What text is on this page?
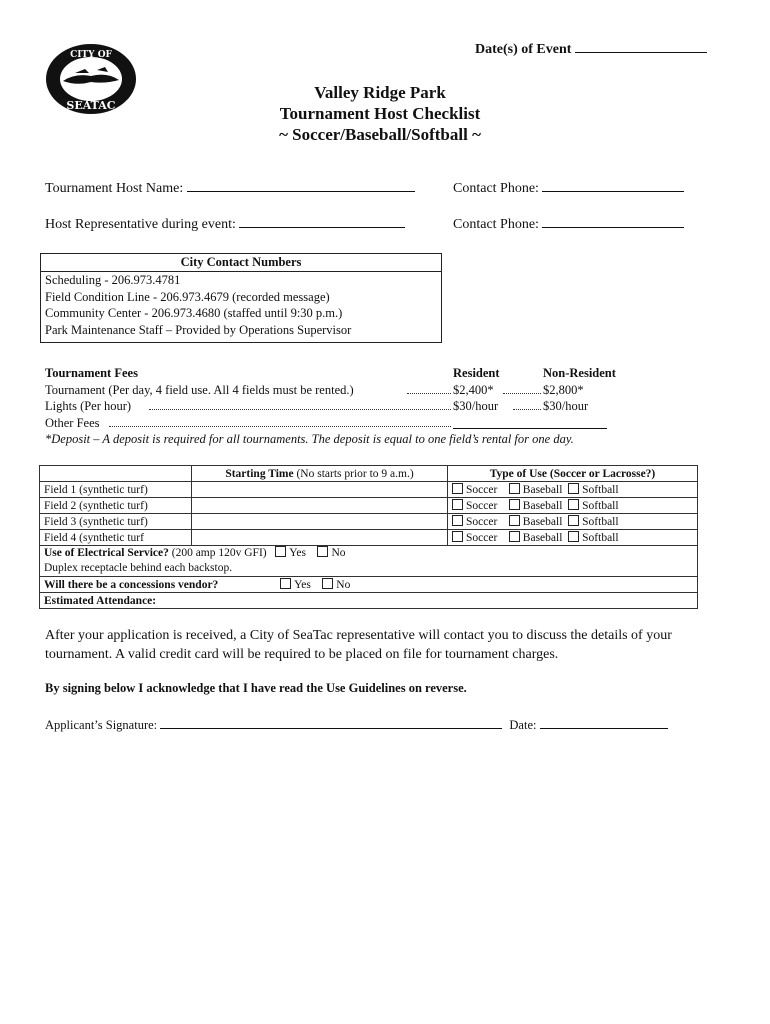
CITY OF
SEATAC
Date(s) of Event
Valley Ridge Park
Tournament Host Checklist
~ Soccer/Baseball/Softball ~
Tournament Host Name:	Contact Phone:
Host Representative during event:	Contact Phone:
City Contact Numbers
Scheduling - 206.973.4781
Field Condition Line - 206.973.4679 (recorded message)
Community Center - 206.973.4680 (staffed until 9:30 p.m.)
Park Maintenance Staff – Provided by Operations Supervisor
Tournament Fees	Resident	Non-Resident
Tournament (Per day, 4 field use. All 4 fields must be rented.)	$2,400*	$2,800*
Lights (Per hour)	$30/hour	$30/hour
Other Fees
*Deposit – A deposit is required for all tournaments. The deposit is equal to one field’s rental for one day.
	Starting Time (No starts prior to 9 a.m.)	Type of Use (Soccer or Lacrosse?)
Field 1 (synthetic turf)		Soccer Baseball Softball
Field 2 (synthetic turf)		Soccer Baseball Softball
Field 3 (synthetic turf)		Soccer Baseball Softball
Field 4 (synthetic turf		Soccer Baseball Softball

Use of Electrical Service? (200 amp 120v GFI) Yes No
Duplex receptacle behind each backstop.		

Will there be a concessions vendor? Yes No		
Estimated Attendance:		
After your application is received, a City of SeaTac representative will contact you to discuss the details of your tournament. A valid credit card will be required to be placed on file for tournament charges.
By signing below I acknowledge that I have read the Use Guidelines on reverse.
Applicant’s Signature:	Date:
